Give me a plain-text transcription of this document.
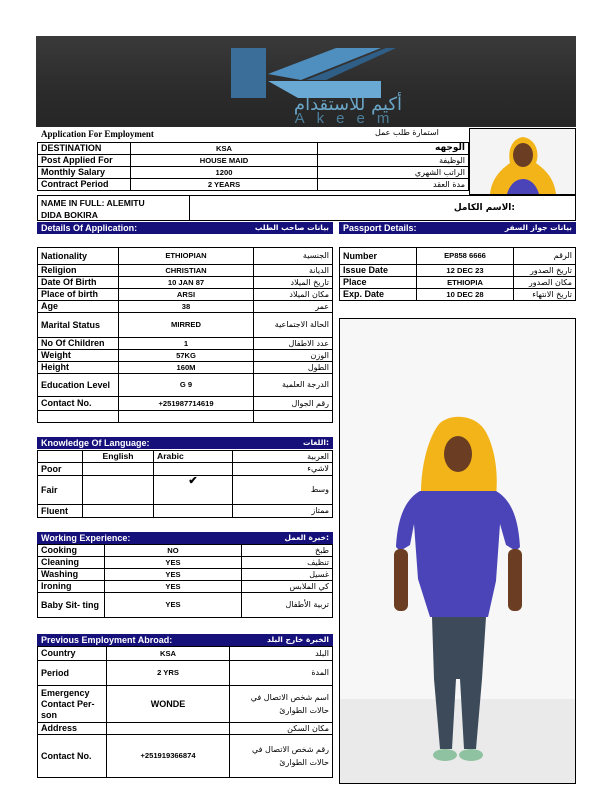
أكيم للاستقدام
Akeem
Application For Employment	استمارة طلب عمل
DESTINATION	KSA	الوجهه
Post Applied For	HOUSE MAID	الوظيفة
Monthly Salary	1200	الراتب الشهري
Contract Period	2 YEARS	مدة العقد
NAME IN FULL: ALEMITU
DIDA BOKIRA
الاسم الكامل:
Details Of Application:	بيانات صاحب الطلب	Passport Details:	بيانات جواز السفر
Nationality	ETHIOPIAN	الجنسية
Religion	CHRISTIAN	الديانة
Date Of Birth	10 JAN 87	تاريخ الميلاد
Place of birth	ARSI	مكان الميلاد
Age	38	عمر
Marital Status	MIRRED	الحالة الاجتماعية
No Of Children	1	عدد الاطفال
Weight	57KG	الوزن
Height	160M	الطول
Education Level	G 9	الدرجة العلمية
Contact No.	+251987714619	رقم الجوال

Number	EP858 6666	الرقم
Issue Date	12 DEC 23	تاريخ الصدور
Place	ETHIOPIA	مكان الصدور
Exp. Date	10 DEC 28	تاريخ الانتهاء
Knowledge Of Language:	اللغات:
	English	Arabic	العربية
Poor			لاشيء
Fair		✔	وسط
Fluent			ممتاز
Working Experience:	خبرة العمل:
Cooking	NO	طبخ
Cleaning	YES	تنظيف
Washing	YES	غسيل
Ironing	YES	كي الملابس
Baby Sit- ting	YES	تربية الأطفال
Previous Employment Abroad:	الخبرة خارج البلد
Country	KSA	البلد
Period	2 YRS	المدة
Emergency Contact Per- son	WONDE	اسم شخص الاتصال في حالات الطوارئ
Address		مكان السكن
Contact No.	+251919366874	رقم شخص الاتصال في حالات الطوارئ
